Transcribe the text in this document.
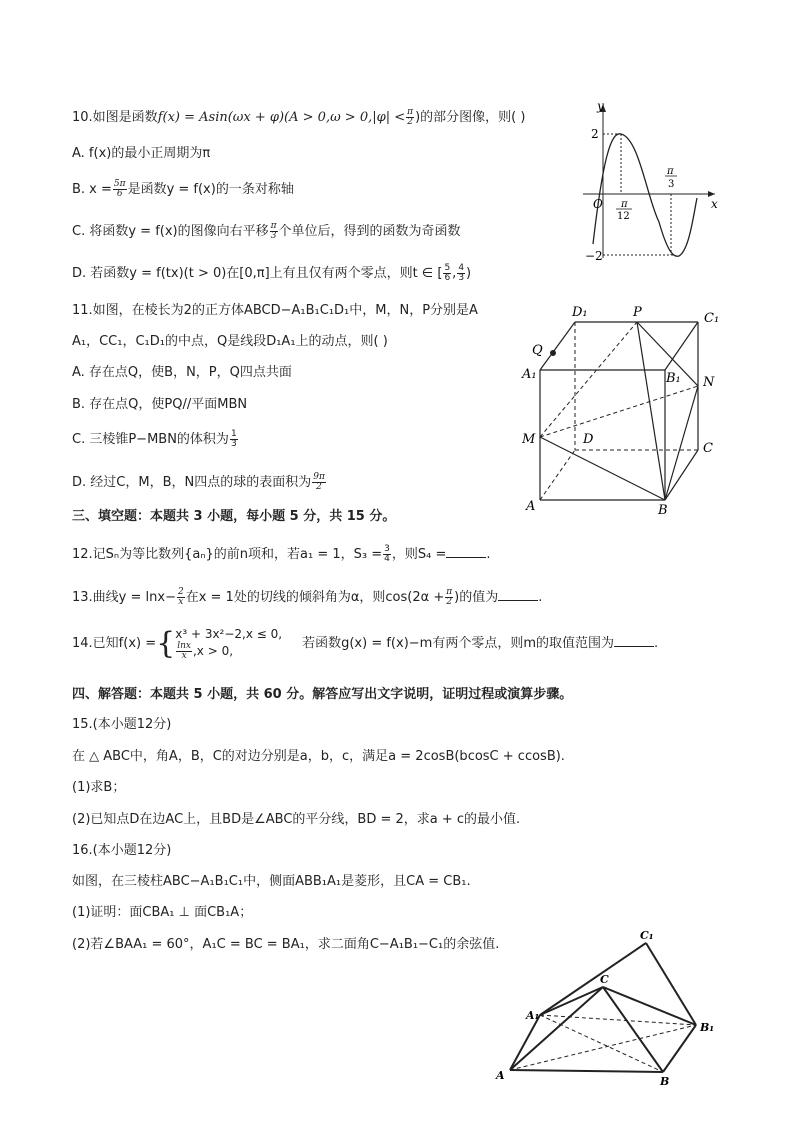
10.如图是函数$f(x) = Asin(\omega x + \varphi)(A > 0,\omega > 0,|\varphi| < \frac{\pi}{2}$ )的部分图像，则( )
A. f(x)的最小正周期为π
B. $x = \frac{5\pi}{6}$ 是函数y = f(x)的一条对称轴
C. 将函数y = f(x)的图像向右平移 $\frac{\pi}{3}$ 个单位后，得到的函数为奇函数
D. 若函数y = f(tx)(t > 0)在[0,π]上有且仅有两个零点，则t ∈ [ $\frac{5}{6}$ , $\frac{4}{3}$ )
y
x
O
2
−2
π
12
π
3
11.如图，在棱长为2的正方体ABCD−A₁B₁C₁D₁中，M，N，P分别是A
A₁，CC₁，C₁D₁的中点，Q是线段D₁A₁上的动点，则( )
A. 存在点Q，使B，N，P，Q四点共面
B. 存在点Q，使PQ//平面MBN
C. 三棱锥P−MBN的体积为 $\frac{1}{3}$
D. 经过C，M，B，N四点的球的表面积为 $\frac{9\pi}{2}$
D₁	P	C₁
Q
A₁	B₁ N
M	D
C
A	B
三、填空题：本题共 3 小题，每小题 5 分，共 15 分。
12.记Sₙ为等比数列{aₙ}的前n项和，若a₁ = 1，$S_3 = \frac{3}{4}$ ，则S₄ =	.
13.曲线$y = \ln x- \frac{2}{x}$ 在x = 1处的切线的倾斜角为α，则$\cos(2\alpha + \frac{\pi}{2}$ )的值为	.
14.已知f(x) ={ x³ + 3x²−2,x ≤ 0,
$\frac{\ln x}{x} ,x > 0$,	若函数g(x) = f(x)−m有两个零点，则m的取值范围为	.
四、解答题：本题共 5 小题，共 60 分。解答应写出文字说明，证明过程或演算步骤。
15.(本小题12分)
在 △ ABC中，角A，B，C的对边分别是a，b，c，满足a = 2cosB(bcosC + ccosB).
(1)求B；
(2)已知点D在边AC上，且BD是∠ABC的平分线，BD = 2，求a + c的最小值.
16.(本小题12分)
如图，在三棱柱ABC−A₁B₁C₁中，侧面ABB₁A₁是菱形，且CA = CB₁.
(1)证明：面CBA₁ ⊥ 面CB₁A；
(2)若∠BAA₁ = 60°，A₁C = BC = BA₁，求二面角C−A₁B₁−C₁的余弦值.
C₁
C
A₁
B₁
A	B
